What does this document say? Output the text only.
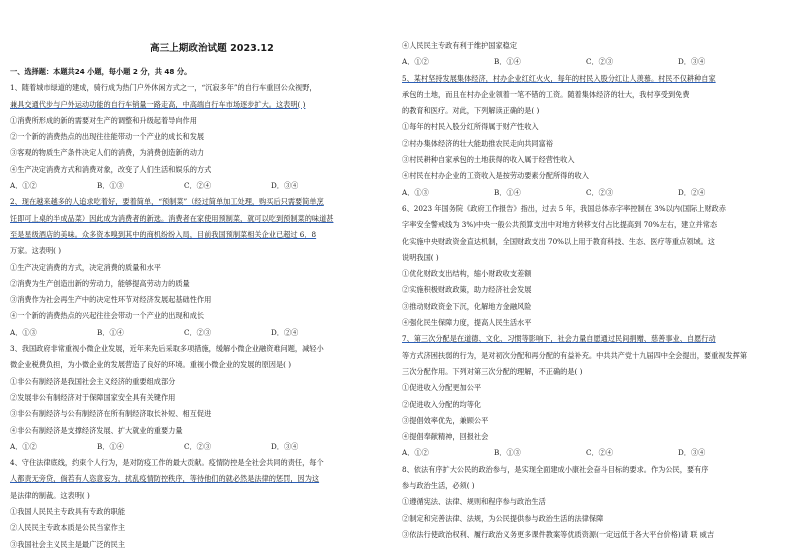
高三上期政治试题 2023.12
一、选择题：本题共24 小题，每小题 2 分，共 48 分。
1、随着城市绿道的建成，骑行成为热门户外休闲方式之一，“沉寂多年”的自行车重回公众视野，
兼具交通代步与户外运动功能的自行车销量一路走高，中高端自行车市场逐步扩大。这表明( )
①消费所形成的新的需要对生产的调整和升级起着导向作用
②一个新的消费热点的出现往往能带动一个产业的成长和发展
③客观的物质生产条件决定人们的消费，为消费创造新的动力
④生产决定消费方式和消费对象，改变了人们生活和娱乐的方式
A．①②	B．①③	C．②④	D．③④
2、现在越来越多的人追求吃着好，要着简单，“预制菜”（经过简单加工处理，购买后只需要简单烹
饪即可上桌的半成品菜）因此成为消费者的新选。消费者在家使用预制菜，就可以吃到预制菜的味道甚
至是星级酒店的美味。众多资本嗅到其中的商机纷纷入局，目前我国预制菜相关企业已超过 6．8
万家。这表明( )
①生产决定消费的方式，决定消费的质量和水平
②消费为生产创造出新的劳动力，能够提高劳动力的质量
③消费作为社会再生产中的决定性环节对经济发展起基础性作用
④一个新的消费热点的兴起往往会带动一个产业的出现和成长
A．①③	B．①④	C．②③	D．②④
3、我国政府非常重视小微企业发展，近年来先后采取多项措施，缓解小微企业融资难问题，减轻小
微企业税费负担，为小微企业的发展营造了良好的环境。重视小微企业的发展的原因是( )
①非公有制经济是我国社会主义经济的重要组成部分
②发展非公有制经济对于保障国家安全具有关键作用
③非公有制经济与公有制经济在所有制经济取长补短、相互促进
④非公有制经济是支撑经济发展、扩大就业的重要力量
A．①②	B．①④	C．②③	D．③④
4、守住法律底线，约束个人行为，是对防疫工作的最大贡献。疫情防控是全社会共同的责任，每个
人都责无旁贷，倘若有人恣意妄为，扰乱疫情防控秩序，等待他们的就必然是法律的惩罚，因为这
是法律的制裁。这表明( )
①我国人民民主专政具有专政的职能
②人民民主专政本质是公民当家作主
③我国社会主义民主是最广泛的民主
④人民民主专政有利于维护国家稳定
A．①②	B．①④	C．②③	D．③④
5、某村坚持发展集体经济，村办企业红红火火，每年的村民入股分红让人羡慕。村民不仅耕种自家
承包的土地，而且在村办企业领着一笔不错的工资。随着集体经济的壮大，我村享受到免费
的教育和医疗。对此，下列解读正确的是( )
①每年的村民入股分红所得属于财产性收入
②村办集体经济的壮大能助推农民走向共同富裕
③村民耕种自家承包的土地获得的收入属于经营性收入
④村民在村办企业的工资收入是按劳动要素分配所得的收入
A．①③	B．①④	C．②③	D．②④
6、2023 年国务院《政府工作报告》指出，过去 5 年，我国总体赤字率控制在 3%以内(国际上财政赤
字率安全警戒线为 3%)中央一般公共预算支出中对地方转移支付占比提高到 70%左右，建立并常态
化实施中央财政资金直达机制，全国财政支出 70%以上用于教育科技、生态、医疗等重点领域。这
说明我国( )
①优化财政支出结构，缩小财政收支差额
②实施积极财政政策，助力经济社会发展
③推动财政资金下沉，化解地方金融风险
④强化民生保障力度，提高人民生活水平
7、第三次分配是在道德、文化、习惯等影响下，社会力量自愿通过民间捐赠、慈善事业、自愿行动
等方式济困扶弱的行为，是对初次分配和再分配的有益补充。中共共产党十九届四中全会提出，要重视发挥第
三次分配作用。下列对第三次分配的理解，不正确的是( )
①促进收入分配更加公平
②促进收入分配的均等化
③提倡效率优先，兼顾公平
④提倡奉献精神，回报社会
A．①②	B．①③	C．②④	D．③④
8、依法有序扩大公民的政治参与，是实现全面建成小康社会奋斗目标的要求。作为公民，要有序
参与政治生活，必须( )
①遵循宪法、法律、规则和程序参与政治生活
②制定和完善法律、法规，为公民提供参与政治生活的法律保障
③依法行使政治权利、履行政治义务更多课件教案等优质资源(一定远低于各大平台价格)请 联 威吉
